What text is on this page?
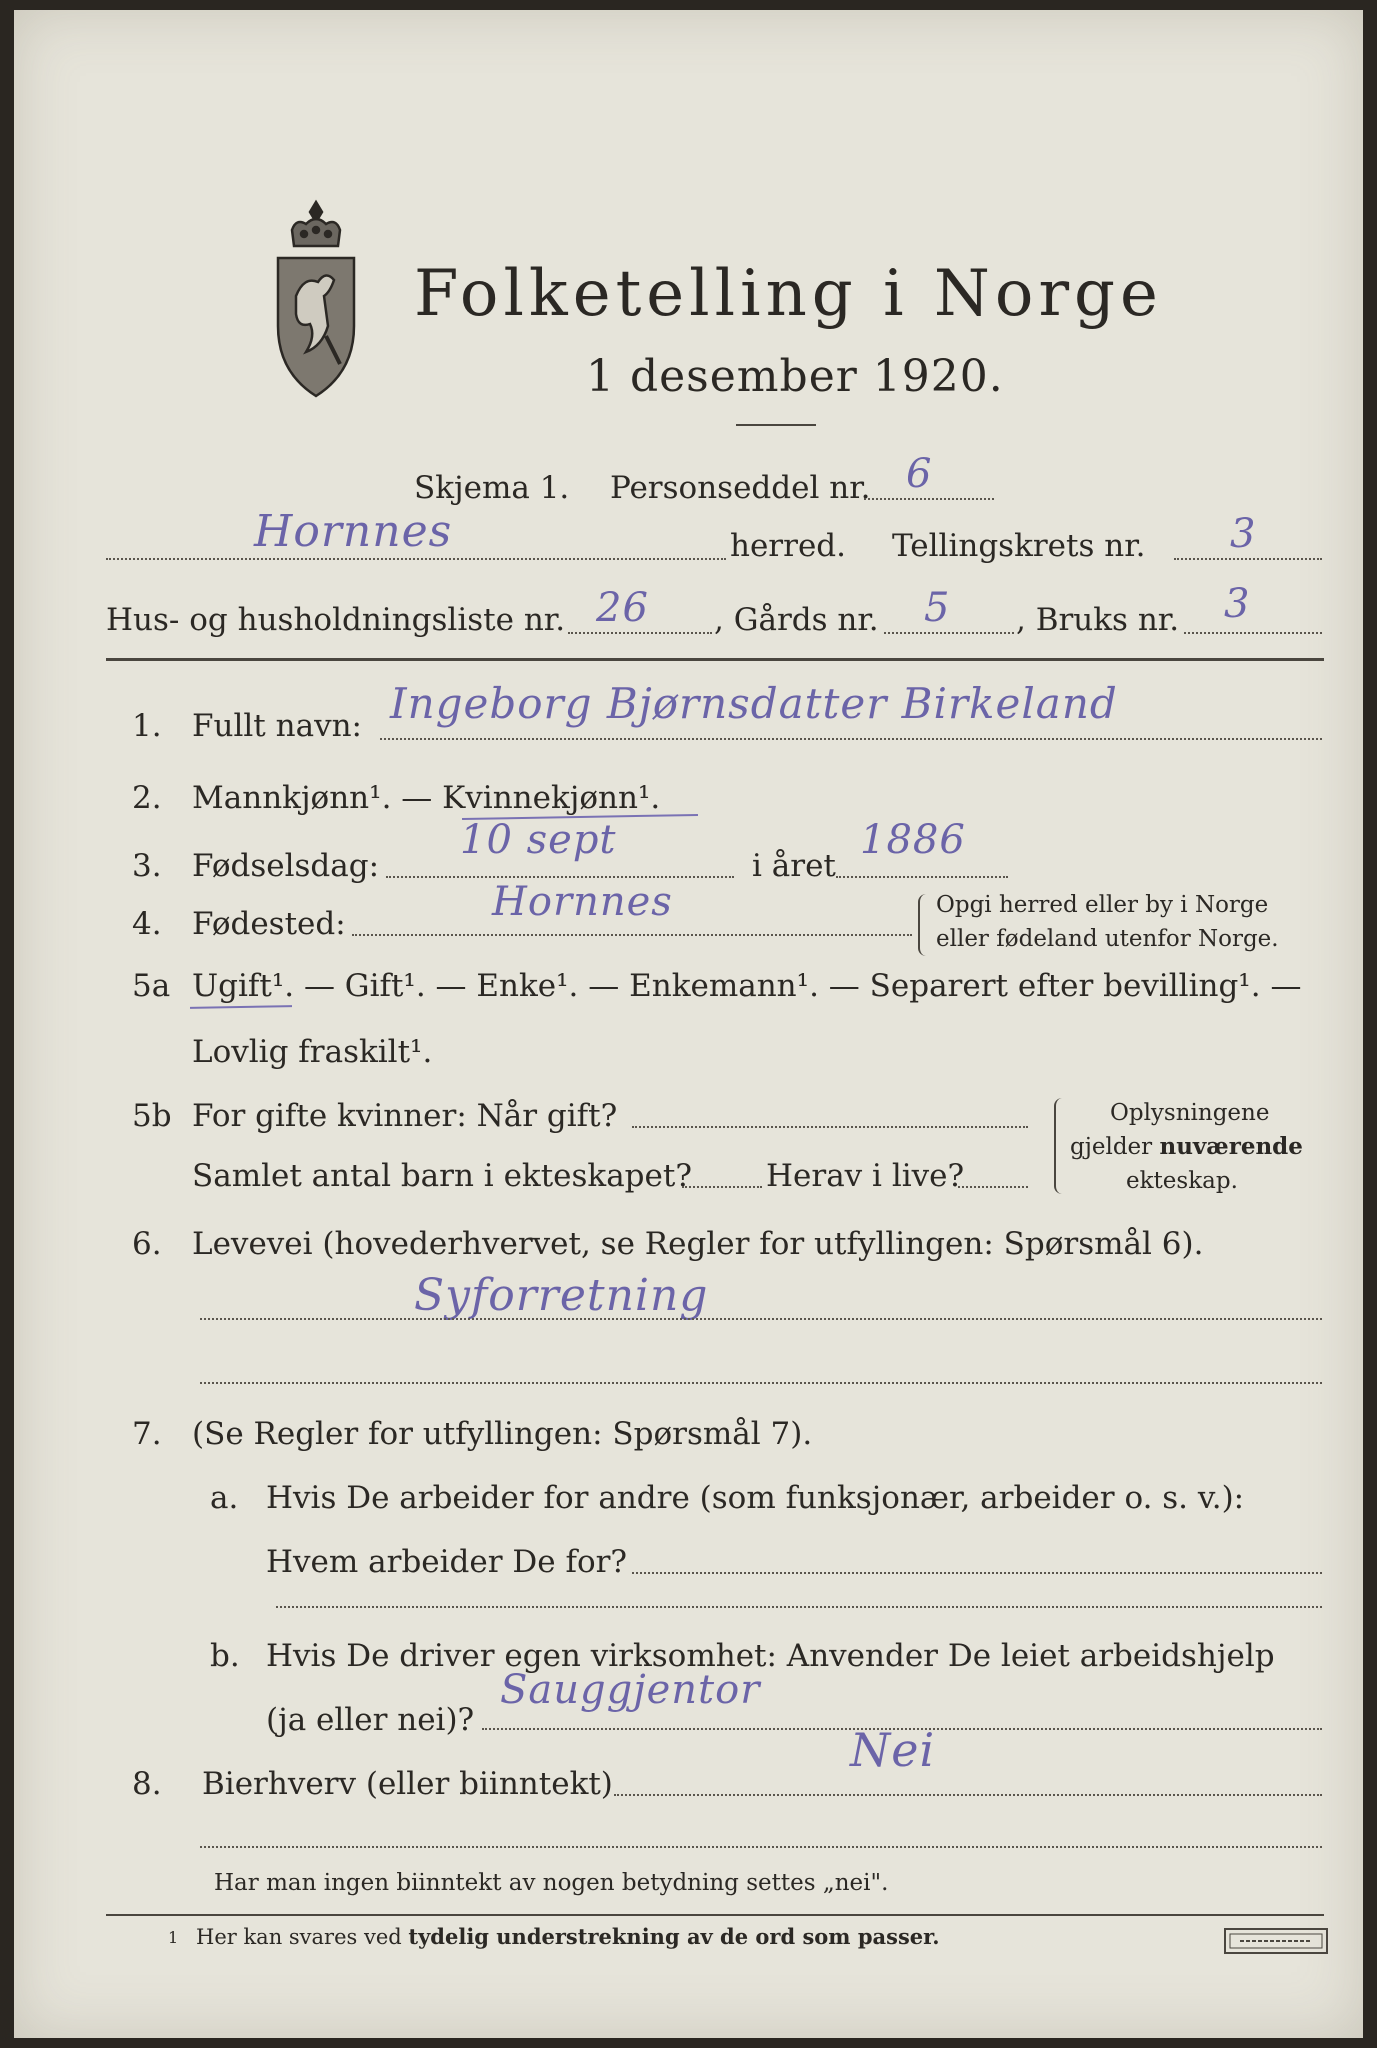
Folketelling i Norge
1 desember 1920.
Skjema 1. Personseddel nr. 6
Hornnes	herred. Tellingskrets nr. 3
Hus- og husholdningsliste nr. 26 , Gårds nr. 5 , Bruks nr. 3
1. Fullt navn: Ingeborg Bjørnsdatter Birkeland
2. Mannkjønn¹. — Kvinnekjønn¹.
3. Fødselsdag:
10 sept
i året
1886
4. Fødested:	Hornnes	Opgi herred eller by i Norge
eller fødeland utenfor Norge.
5a Ugift¹. — Gift¹. — Enke¹. — Enkemann¹. — Separert efter bevilling¹. —
Lovlig fraskilt¹.
5b For gifte kvinner: Når gift?
Samlet antal barn i ekteskapet? Herav i live?
Oplysningene
gjelder nuværende
ekteskap.
6. Levevei (hovederhvervet, se Regler for utfyllingen: Spørsmål 6).
Syforretning
7. (Se Regler for utfyllingen: Spørsmål 7).
a. Hvis De arbeider for andre (som funksjonær, arbeider o. s. v.):
Hvem arbeider De for?
b. Hvis De driver egen virksomhet: Anvender De leiet arbeidshjelp
(ja eller nei)?
Sauggjentor
8. Bierhverv (eller biinntekt)
Nei
Har man ingen biinntekt av nogen betydning settes „nei".
1 Her kan svares ved tydelig understrekning av de ord som passer.
